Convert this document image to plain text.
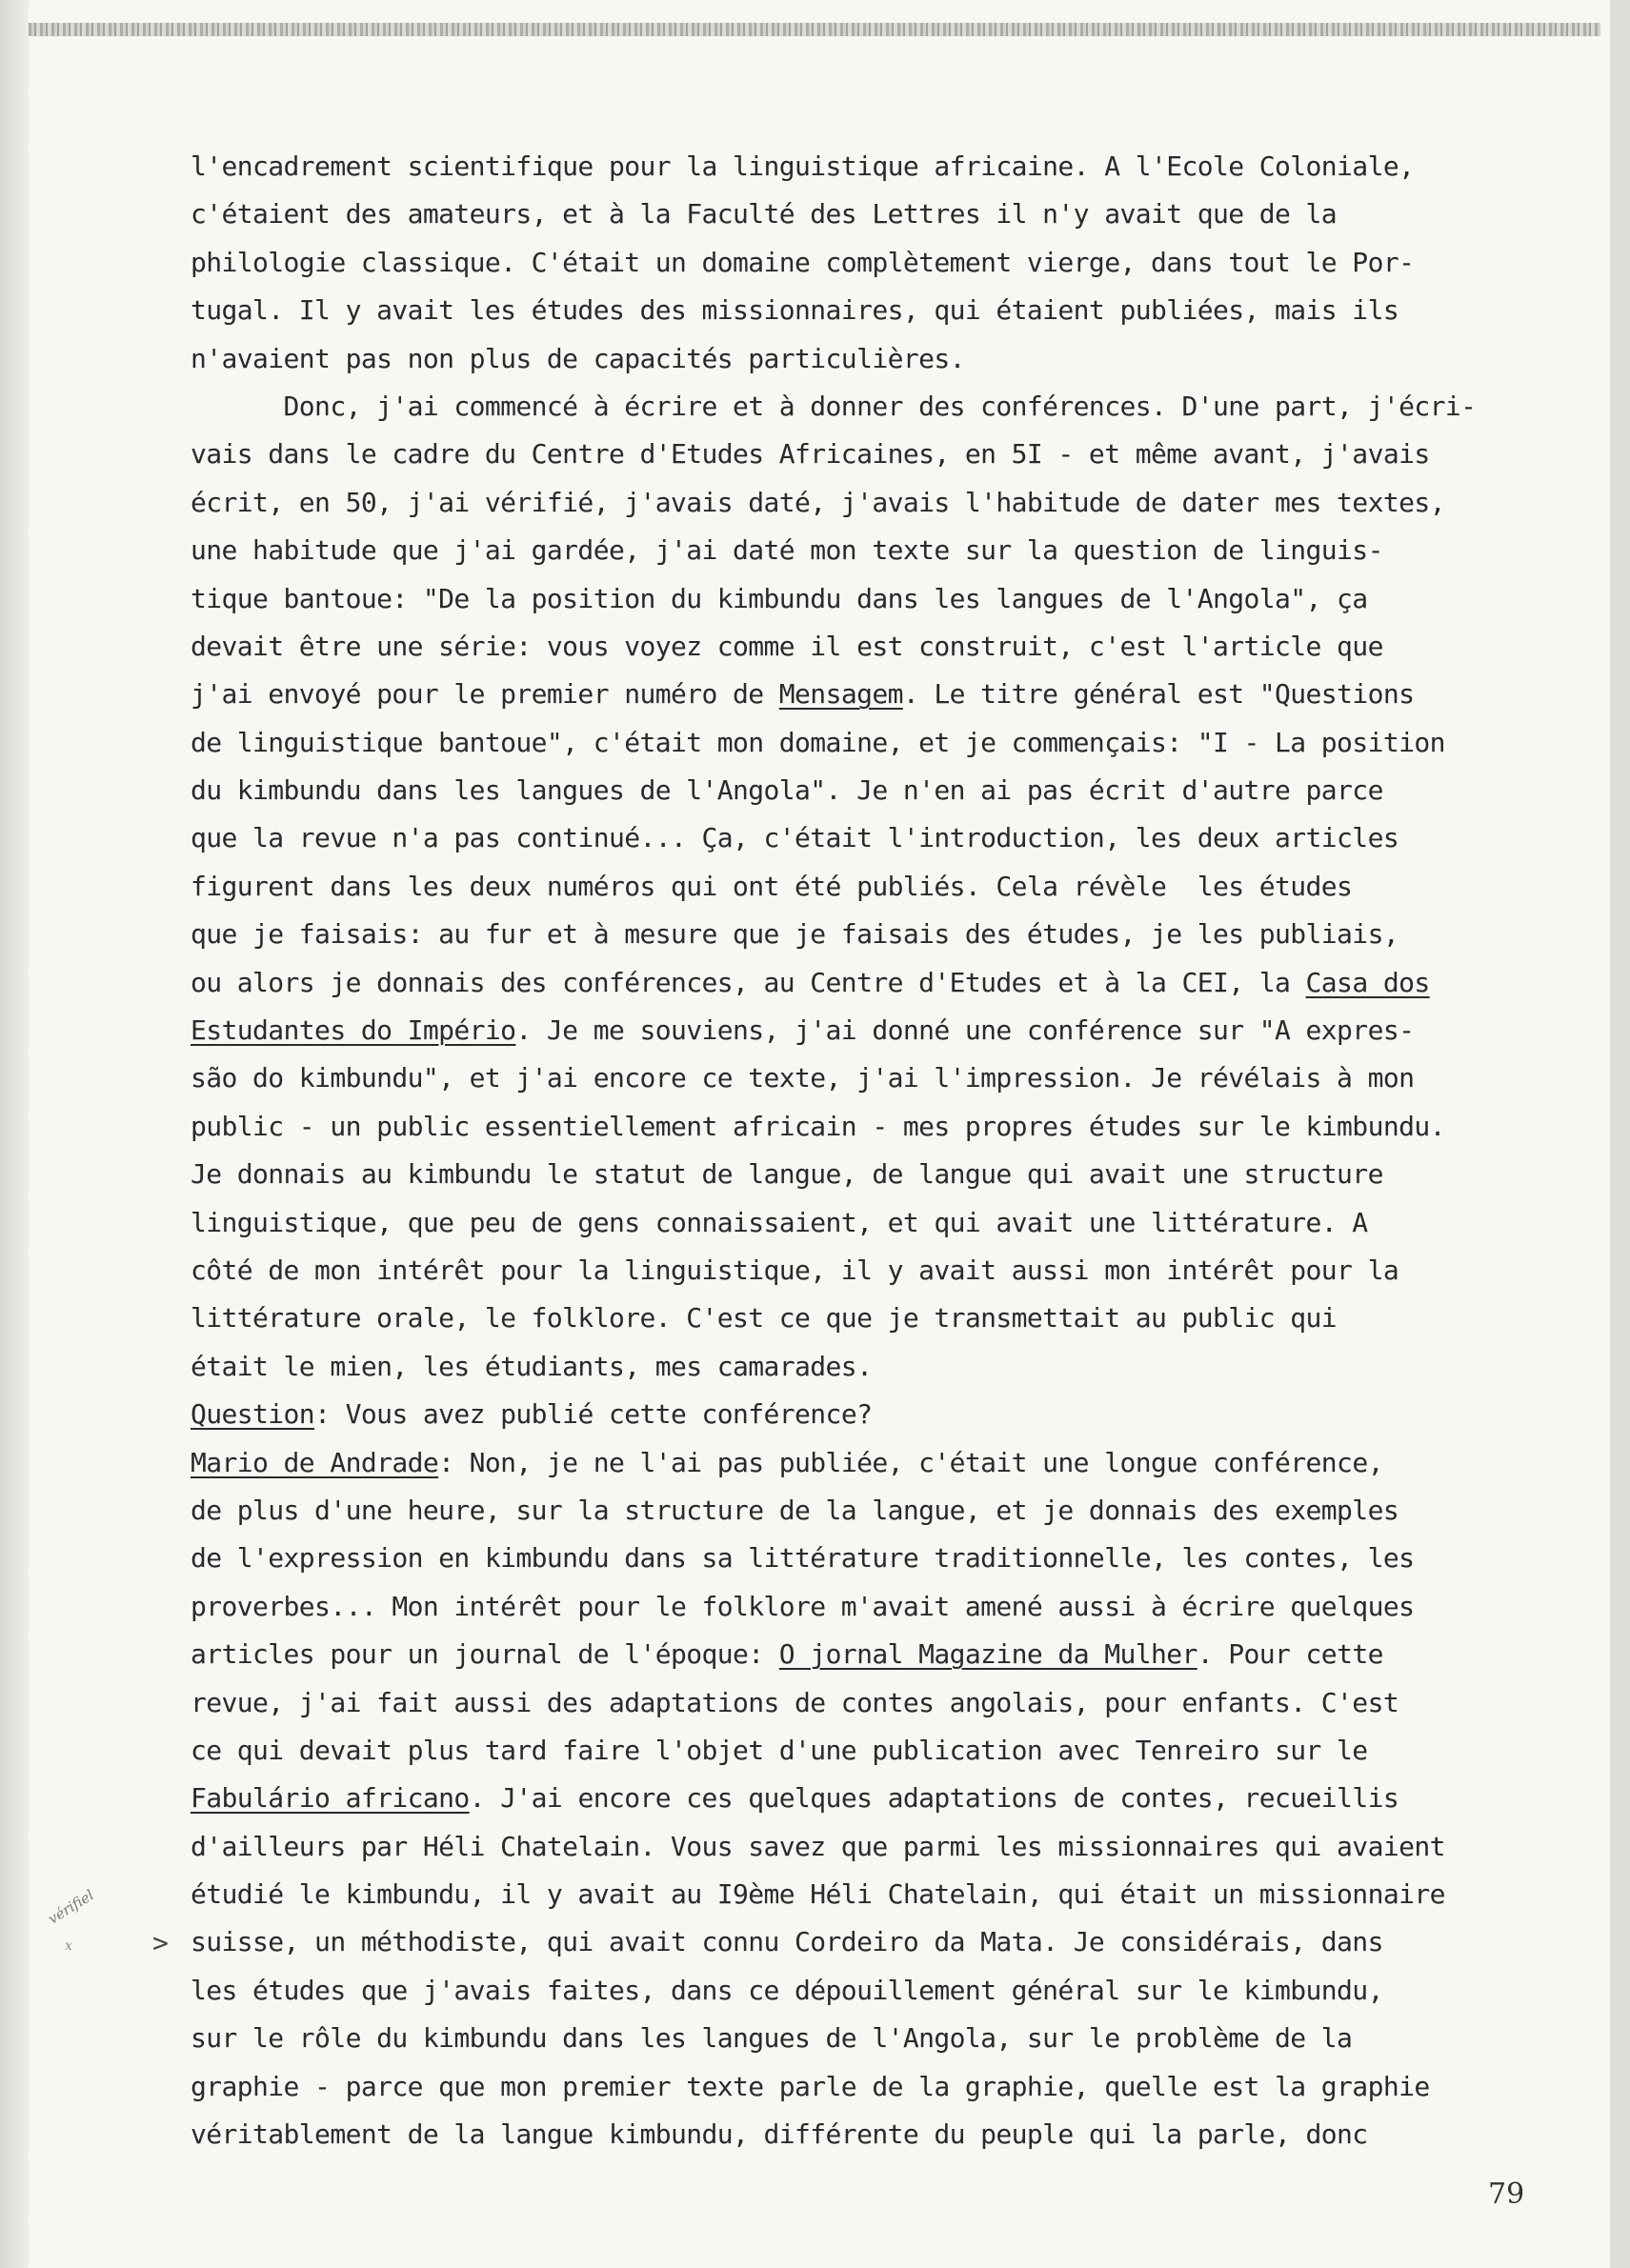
l'encadrement scientifique pour la linguistique africaine. A l'Ecole Coloniale,
c'étaient des amateurs, et à la Faculté des Lettres il n'y avait que de la
philologie classique. C'était un domaine complètement vierge, dans tout le Por-
tugal. Il y avait les études des missionnaires, qui étaient publiées, mais ils
n'avaient pas non plus de capacités particulières.
Donc, j'ai commencé à écrire et à donner des conférences. D'une part, j'écri-
vais dans le cadre du Centre d'Etudes Africaines, en 5I - et même avant, j'avais
écrit, en 50, j'ai vérifié, j'avais daté, j'avais l'habitude de dater mes textes,
une habitude que j'ai gardée, j'ai daté mon texte sur la question de linguis-
tique bantoue: "De la position du kimbundu dans les langues de l'Angola", ça
devait être une série: vous voyez comme il est construit, c'est l'article que
j'ai envoyé pour le premier numéro de Mensagem. Le titre général est "Questions
de linguistique bantoue", c'était mon domaine, et je commençais: "I - La position
du kimbundu dans les langues de l'Angola". Je n'en ai pas écrit d'autre parce
que la revue n'a pas continué... Ça, c'était l'introduction, les deux articles
figurent dans les deux numéros qui ont été publiés. Cela révèle  les études
que je faisais: au fur et à mesure que je faisais des études, je les publiais,
ou alors je donnais des conférences, au Centre d'Etudes et à la CEI, la Casa dos
Estudantes do Império. Je me souviens, j'ai donné une conférence sur "A expres-
são do kimbundu", et j'ai encore ce texte, j'ai l'impression. Je révélais à mon
public - un public essentiellement africain - mes propres études sur le kimbundu.
Je donnais au kimbundu le statut de langue, de langue qui avait une structure
linguistique, que peu de gens connaissaient, et qui avait une littérature. A
côté de mon intérêt pour la linguistique, il y avait aussi mon intérêt pour la
littérature orale, le folklore. C'est ce que je transmettait au public qui
était le mien, les étudiants, mes camarades.
Question: Vous avez publié cette conférence?
Mario de Andrade: Non, je ne l'ai pas publiée, c'était une longue conférence,
de plus d'une heure, sur la structure de la langue, et je donnais des exemples
de l'expression en kimbundu dans sa littérature traditionnelle, les contes, les
proverbes... Mon intérêt pour le folklore m'avait amené aussi à écrire quelques
articles pour un journal de l'époque: O jornal Magazine da Mulher. Pour cette
revue, j'ai fait aussi des adaptations de contes angolais, pour enfants. C'est
ce qui devait plus tard faire l'objet d'une publication avec Tenreiro sur le
Fabulário africano. J'ai encore ces quelques adaptations de contes, recueillis
d'ailleurs par Héli Chatelain. Vous savez que parmi les missionnaires qui avaient
étudié le kimbundu, il y avait au I9ème Héli Chatelain, qui était un missionnaire
suisse, un méthodiste, qui avait connu Cordeiro da Mata. Je considérais, dans
les études que j'avais faites, dans ce dépouillement général sur le kimbundu,
sur le rôle du kimbundu dans les langues de l'Angola, sur le problème de la
graphie - parce que mon premier texte parle de la graphie, quelle est la graphie
véritablement de la langue kimbundu, différente du peuple qui la parle, donc
vérifiel
x	>
79
